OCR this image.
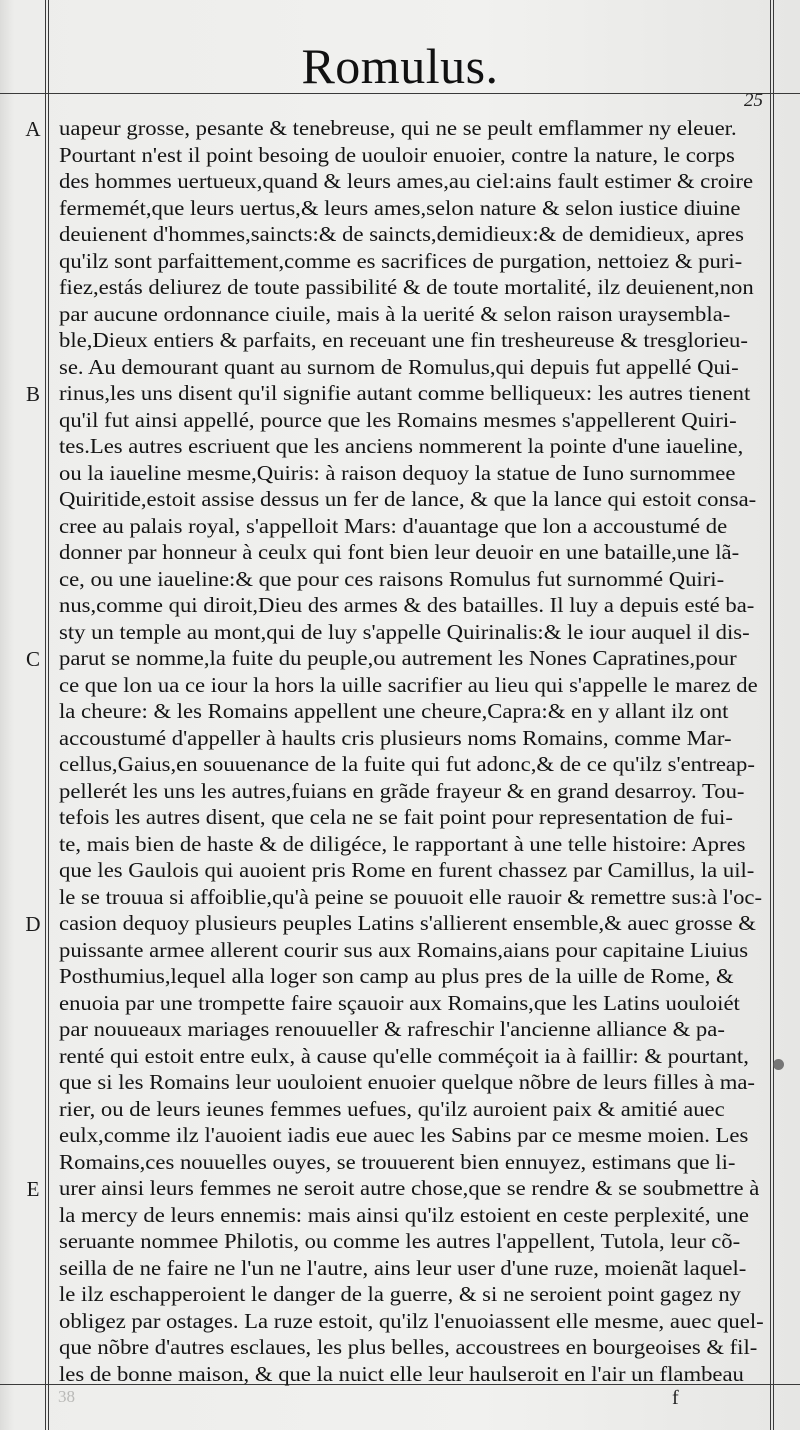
Romulus.
25
A
B
C
D
E
uapeur grosse, pesante & tenebreuse, qui ne se peult emflammer ny eleuer.
Pourtant n'est il point besoing de uouloir enuoier, contre la nature, le corps
des hommes uertueux,quand & leurs ames,au ciel:ains fault estimer & croire
fermemét,que leurs uertus,& leurs ames,selon nature & selon iustice diuine
deuienent d'hommes,saincts:& de saincts,demidieux:& de demidieux, apres
qu'ilz sont parfaittement,comme es sacrifices de purgation, nettoiez & puri-
fiez,estás deliurez de toute passibilité & de toute mortalité, ilz deuienent,non
par aucune ordonnance ciuile, mais à la uerité & selon raison uraysembla-
ble,Dieux entiers & parfaits, en receuant une fin tresheureuse & tresglorieu-
se. Au demourant quant au surnom de Romulus,qui depuis fut appellé Qui-
rinus,les uns disent qu'il signifie autant comme belliqueux: les autres tienent
qu'il fut ainsi appellé, pource que les Romains mesmes s'appellerent Quiri-
tes.Les autres escriuent que les anciens nommerent la pointe d'une iaueline,
ou la iaueline mesme,Quiris: à raison dequoy la statue de Iuno surnommee
Quiritide,estoit assise dessus un fer de lance, & que la lance qui estoit consa-
cree au palais royal, s'appelloit Mars: d'auantage que lon a accoustumé de
donner par honneur à ceulx qui font bien leur deuoir en une bataille,une lã-
ce, ou une iaueline:& que pour ces raisons Romulus fut surnommé Quiri-
nus,comme qui diroit,Dieu des armes & des batailles. Il luy a depuis esté ba-
sty un temple au mont,qui de luy s'appelle Quirinalis:& le iour auquel il dis-
parut se nomme,la fuite du peuple,ou autrement les Nones Capratines,pour
ce que lon ua ce iour la hors la uille sacrifier au lieu qui s'appelle le marez de
la cheure: & les Romains appellent une cheure,Capra:& en y allant ilz ont
accoustumé d'appeller à haults cris plusieurs noms Romains, comme Mar-
cellus,Gaius,en souuenance de la fuite qui fut adonc,& de ce qu'ilz s'entreap-
pellerét les uns les autres,fuians en grãde frayeur & en grand desarroy. Tou-
tefois les autres disent, que cela ne se fait point pour representation de fui-
te, mais bien de haste & de diligéce, le rapportant à une telle histoire: Apres
que les Gaulois qui auoient pris Rome en furent chassez par Camillus, la uil-
le se trouua si affoiblie,qu'à peine se pouuoit elle rauoir & remettre sus:à l'oc-
casion dequoy plusieurs peuples Latins s'allierent ensemble,& auec grosse &
puissante armee allerent courir sus aux Romains,aians pour capitaine Liuius
Posthumius,lequel alla loger son camp au plus pres de la uille de Rome, &
enuoia par une trompette faire sçauoir aux Romains,que les Latins uouloiét
par nouueaux mariages renouueller & rafreschir l'ancienne alliance & pa-
renté qui estoit entre eulx, à cause qu'elle comméçoit ia à faillir: & pourtant,
que si les Romains leur uouloient enuoier quelque nõbre de leurs filles à ma-
rier, ou de leurs ieunes femmes uefues, qu'ilz auroient paix & amitié auec
eulx,comme ilz l'auoient iadis eue auec les Sabins par ce mesme moien. Les
Romains,ces nouuelles ouyes, se trouuerent bien ennuyez, estimans que li-
urer ainsi leurs femmes ne seroit autre chose,que se rendre & se soubmettre à
la mercy de leurs ennemis: mais ainsi qu'ilz estoient en ceste perplexité, une
seruante nommee Philotis, ou comme les autres l'appellent, Tutola, leur cõ-
seilla de ne faire ne l'un ne l'autre, ains leur user d'une ruze, moienãt laquel-
le ilz eschapperoient le danger de la guerre, & si ne seroient point gagez ny
obligez par ostages. La ruze estoit, qu'ilz l'enuoiassent elle mesme, auec quel-
que nõbre d'autres esclaues, les plus belles, accoustrees en bourgeoises & fil-
les de bonne maison, & que la nuict elle leur haulseroit en l'air un flambeau
38	f
